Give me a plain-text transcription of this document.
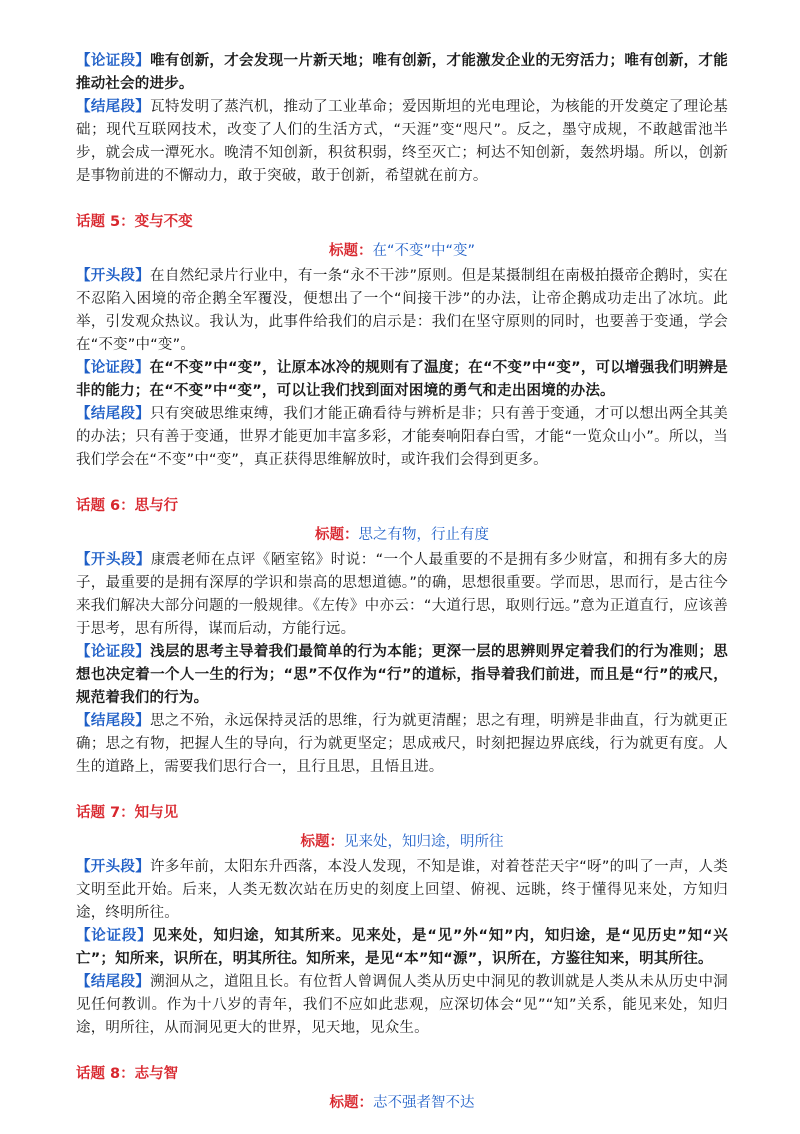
【论证段】唯有创新，才会发现一片新天地；唯有创新，才能激发企业的无穷活力；唯有创新，才能推动社会的进步。

【结尾段】瓦特发明了蒸汽机，推动了工业革命；爱因斯坦的光电理论，为核能的开发奠定了理论基础；现代互联网技术，改变了人们的生活方式，“天涯”变“咫尺”。反之，墨守成规，不敢越雷池半步，就会成一潭死水。晚清不知创新，积贫积弱，终至灭亡；柯达不知创新，轰然坍塌。所以，创新是事物前进的不懈动力，敢于突破，敢于创新，希望就在前方。

话题 5：变与不变

标题：在“不变”中“变”

【开头段】在自然纪录片行业中，有一条“永不干涉”原则。但是某摄制组在南极拍摄帝企鹅时，实在不忍陷入困境的帝企鹅全军覆没，便想出了一个“间接干涉”的办法，让帝企鹅成功走出了冰坑。此举，引发观众热议。我认为，此事件给我们的启示是：我们在坚守原则的同时，也要善于变通，学会在“不变”中“变”。

【论证段】在“不变”中“变”，让原本冰冷的规则有了温度；在“不变”中“变”，可以增强我们明辨是非的能力；在“不变”中“变”，可以让我们找到面对困境的勇气和走出困境的办法。

【结尾段】只有突破思维束缚，我们才能正确看待与辨析是非；只有善于变通，才可以想出两全其美的办法；只有善于变通，世界才能更加丰富多彩，才能奏响阳春白雪，才能“一览众山小”。所以，当我们学会在“不变”中“变”，真正获得思维解放时，或许我们会得到更多。

话题 6：思与行

标题：思之有物，行止有度

【开头段】康震老师在点评《陋室铭》时说：“一个人最重要的不是拥有多少财富，和拥有多大的房子，最重要的是拥有深厚的学识和崇高的思想道德。”的确，思想很重要。学而思，思而行，是古往今来我们解决大部分问题的一般规律。《左传》中亦云：“大道行思，取则行远。”意为正道直行，应该善于思考，思有所得，谋而后动，方能行远。

【论证段】浅层的思考主导着我们最简单的行为本能；更深一层的思辨则界定着我们的行为准则；思想也决定着一个人一生的行为；“思”不仅作为“行”的道标，指导着我们前进，而且是“行”的戒尺，规范着我们的行为。

【结尾段】思之不殆，永远保持灵活的思维，行为就更清醒；思之有理，明辨是非曲直，行为就更正确；思之有物，把握人生的导向，行为就更坚定；思成戒尺，时刻把握边界底线，行为就更有度。人生的道路上，需要我们思行合一，且行且思，且悟且进。

话题 7：知与见

标题：见来处，知归途，明所往

【开头段】许多年前，太阳东升西落，本没人发现，不知是谁，对着苍茫天宇“呀”的叫了一声，人类文明至此开始。后来，人类无数次站在历史的刻度上回望、俯视、远眺，终于懂得见来处，方知归途，终明所往。

【论证段】见来处，知归途，知其所来。见来处，是“见”外“知”内，知归途，是“见历史”知“兴亡”；知所来，识所在，明其所往。知所来，是见“本”知“源”，识所在，方鉴往知来，明其所往。

【结尾段】溯洄从之，道阻且长。有位哲人曾调侃人类从历史中洞见的教训就是人类从未从历史中洞见任何教训。作为十八岁的青年，我们不应如此悲观，应深切体会“见”“知”关系，能见来处，知归途，明所往，从而洞见更大的世界，见天地，见众生。

话题 8：志与智

标题：志不强者智不达
